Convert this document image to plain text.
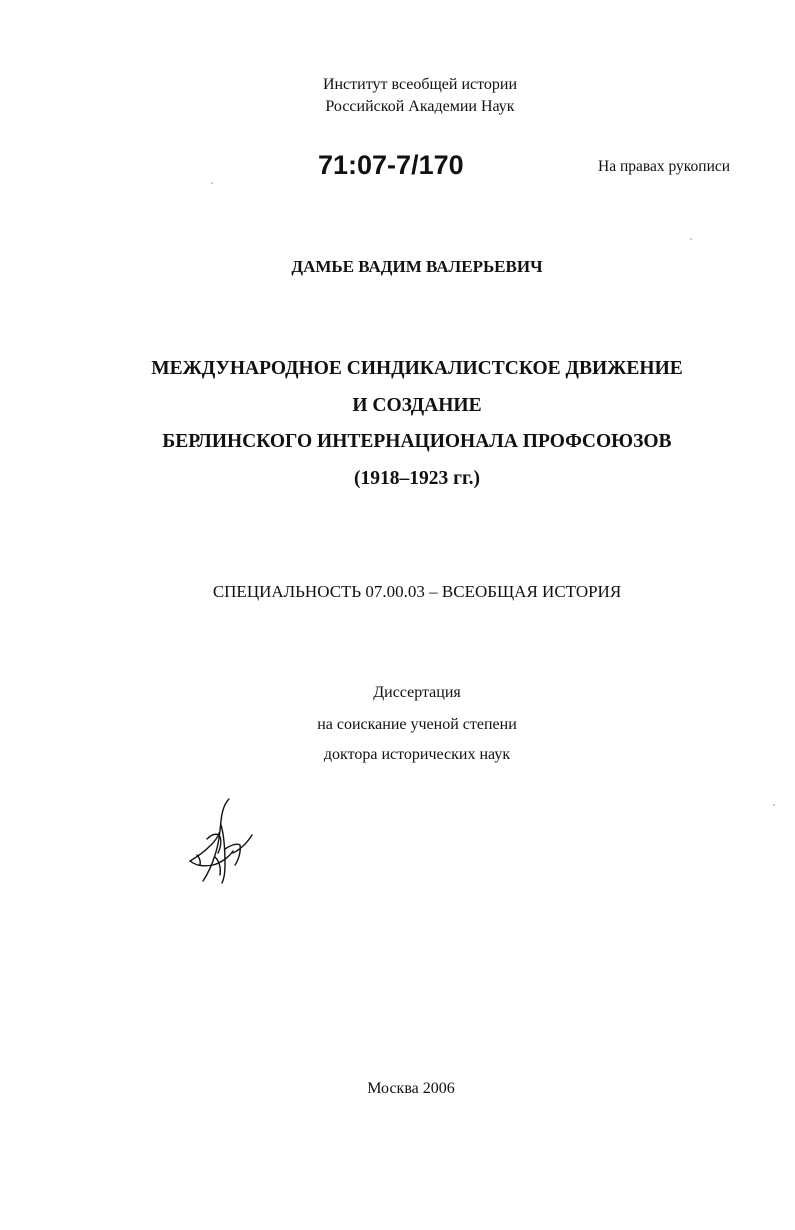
Институт всеобщей истории
Российской Академии Наук
71:07-7/170	На правах рукописи
ДАМЬЕ ВАДИМ ВАЛЕРЬЕВИЧ
МЕЖДУНАРОДНОЕ СИНДИКАЛИСТСКОЕ ДВИЖЕНИЕ
И СОЗДАНИЕ
БЕРЛИНСКОГО ИНТЕРНАЦИОНАЛА ПРОФСОЮЗОВ
(1918–1923 гг.)
СПЕЦИАЛЬНОСТЬ 07.00.03 – ВСЕОБЩАЯ ИСТОРИЯ
Диссертация
на соискание ученой степени
доктора исторических наук
Москва 2006
